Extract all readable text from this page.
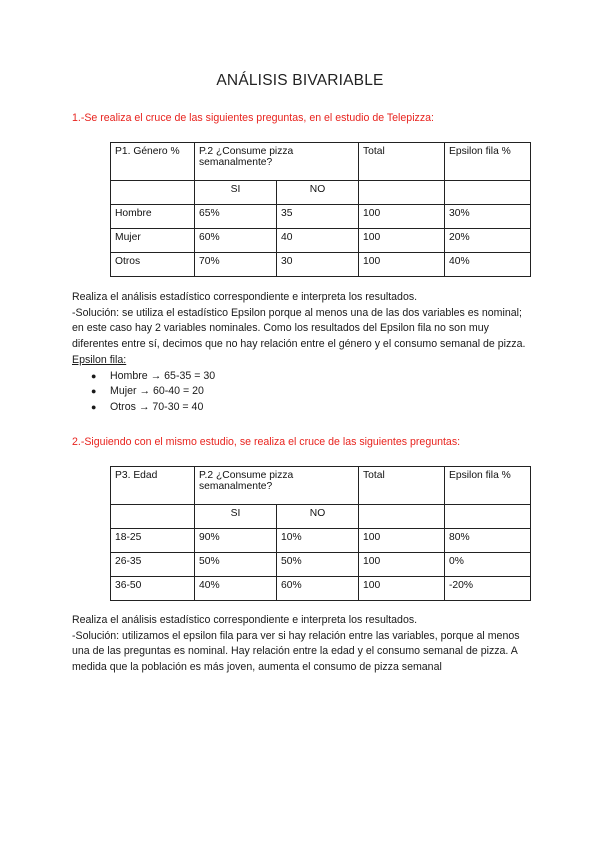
ANÁLISIS BIVARIABLE
1.-Se realiza el cruce de las siguientes preguntas, en el estudio de Telepizza:
P1. Género %	P.2 ¿Consume pizza semanalmente?		Total	Epsilon fila %
	SI	NO		
Hombre	65%	35	100	30%
Mujer	60%	40	100	20%
Otros	70%	30	100	40%

Realiza el análisis estadístico correspondiente e interpreta los resultados.

-Solución: se utiliza el estadístico Epsilon porque al menos una de las dos variables es nominal; en este caso hay 2 variables nominales. Como los resultados del Epsilon fila no son muy diferentes entre sí, decimos que no hay relación entre el género y el consumo semanal de pizza.

Epsilon fila:

● Hombre → 65-35 = 30
● Mujer → 60-40 = 20
● Otros → 70-30 = 40
2.-Siguiendo con el mismo estudio, se realiza el cruce de las siguientes preguntas:
P3. Edad	P.2 ¿Consume pizza semanalmente?		Total	Epsilon fila %
	SI	NO		
18-25	90%	10%	100	80%
26-35	50%	50%	100	0%
36-50	40%	60%	100	-20%

Realiza el análisis estadístico correspondiente e interpreta los resultados.

-Solución: utilizamos el epsilon fila para ver si hay relación entre las variables, porque al menos una de las preguntas es nominal. Hay relación entre la edad y el consumo semanal de pizza. A medida que la población es más joven, aumenta el consumo de pizza semanal
